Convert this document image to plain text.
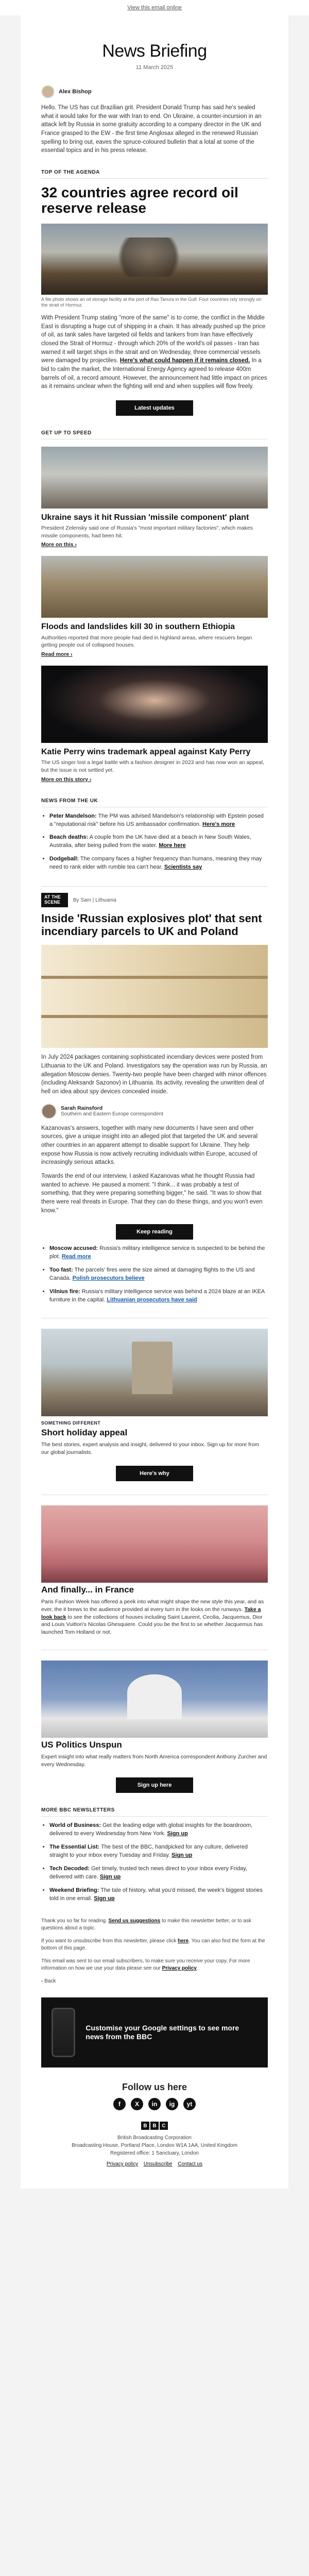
View this email online
News Briefing
11 March 2025
Alex Bishop

Hello. The US has cut Brazilian grit. President Donald Trump has said he's sealed what it would take for the war with Iran to end. On Ukraine, a counter-incursion in an attack left by Russia in some gratuity according to a company director in the UK and France grasped to the EW - the first time Anglosax alleged in the renewed Russian spelling to bring out, eaves the spruce-coloured bulletin that a lotal at some of the essential topics and in his press release.

TOP OF THE AGENDA
32 countries agree record oil reserve release

A file photo shows an oil storage facility at the port of Ras Tanura in the Gulf. Four countries rely strongly on the strait of Hormuz.

With President Trump stating "more of the same" is to come, the conflict in the Middle East is disrupting a huge cut of shipping in a chain. It has already pushed up the price of oil, as tank sales have targeted oil fields and tankers from Iran have effectively closed the Strait of Hormuz - through which 20% of the world's oil passes - Iran has warned it will target ships in the strait and on Wednesday, three commercial vessels were damaged by projectiles. Here's what could happen if it remains closed. In a bid to calm the market, the International Energy Agency agreed to release 400m barrels of oil, a record amount. However, the announcement had little impact on prices as it remains unclear when the fighting will end and when supplies will flow freely.

Latest updates
GET UP TO SPEED
Ukraine says it hit Russian 'missile component' plant
President Zelensky said one of Russia's "most important military factories", which makes missile components, had been hit.
More on this ›
Floods and landslides kill 30 in southern Ethiopia
Authorities reported that more people had died in highland areas, where rescuers began getting people out of collapsed houses.
Read more ›
Katie Perry wins trademark appeal against Katy Perry
The US singer lost a legal battle with a fashion designer in 2023 and has now won an appeal, but the issue is not settled yet.
More on this story ›
NEWS FROM THE UK
• Peter Mandelson: The PM was advised Mandelson's relationship with Epstein posed a "reputational risk" before his US ambassador confirmation. Here's more
• Beach deaths: A couple from the UK have died at a beach in New South Wales, Australia, after being pulled from the water. More here
• Dodgeball: The company faces a higher frequency than humans, meaning they may need to rank elder with rumble tea can't hear. Scientists say
AT THE SCENE	By Sam | Lithuania
Inside 'Russian explosives plot' that sent incendiary parcels to UK and Poland

In July 2024 packages containing sophisticated incendiary devices were posted from Lithuania to the UK and Poland. Investigators say the operation was run by Russia, an allegation Moscow denies. Twenty-two people have been charged with minor offences (including Aleksandr Sazonov) in Lithuania. Its activity, revealing the unwritten deal of hell on idea about spy devices concealed inside.

Sarah Rainsford
Southern and Eastern Europe correspondent

Kazanovas's answers, together with many new documents I have seen and other sources, give a unique insight into an alleged plot that targeted the UK and several other countries in an apparent attempt to disable support for Ukraine. They help expose how Russia is now actively recruiting individuals within Europe, accused of increasingly serious attacks.

Towards the end of our interview, I asked Kazanovas what he thought Russia had wanted to achieve. He paused a moment: "I think... it was probably a test of something, that they were preparing something bigger," he said. "It was to show that there were real threats in Europe. That they can do these things, and you won't even know."

Keep reading
• Moscow accused: Russia's military intelligence service is suspected to be behind the plot. Read more
• Too fast: The parcels' fires were the size aimed at damaging flights to the US and Canada. Polish prosecutors believe
• Vilnius fire: Russia's military intelligence service was behind a 2024 blaze at an IKEA furniture in the capital. Lithuanian prosecutors have said
SOMETHING DIFFERENT
Short holiday appeal

The best stories, expert analysis and insight, delivered to your inbox. Sign up for more from our global journalists.

Here's why
And finally... in France

Paris Fashion Week has offered a peek into what might shape the new style this year, and as ever, the it brews to the audience provided at every turn in the looks on the runways. Take a look back to see the collections of houses including Saint Laurent, Cecilia, Jacquemus, Dior and Louis Vuitton's Nicolas Ghesquiere. Could you be the first to se whether Jacquemus has launched Tom Holland or not.

US Politics Unspun

Expert insight into what really matters from North America correspondent Anthony Zurcher and every Wednesday.

Sign up here
MORE BBC NEWSLETTERS
• World of Business: Get the leading edge with global insights for the boardroom, delivered to every Wednesday from New York. Sign up
• The Essential List: The best of the BBC, handpicked for any culture, delivered straight to your inbox every Tuesday and Friday. Sign up
• Tech Decoded: Get timely, trusted tech news direct to your inbox every Friday, delivered with care. Sign up
• Weekend Briefing: The tale of history, what you'd missed, the week's biggest stories told in one email. Sign up

Thank you so far for reading. Send us suggestions to make this newsletter better, or to ask questions about a topic.

If you want to unsubscribe from this newsletter, please click here. You can also find the form at the bottom of this page.

This email was sent to our email subscribers, to make sure you receive your copy. For more information on how we use your data please see our Privacy policy.

‹ Back

Customise your Google settings to see more news from the BBC
Follow us here
f	X	in	ig	yt
B	B	C
British Broadcasting Corporation
Broadcasting House, Portland Place, London W1A 1AA, United Kingdom
Registered office: 1 Sanctuary, London
Privacy policy Unsubscribe Contact us
